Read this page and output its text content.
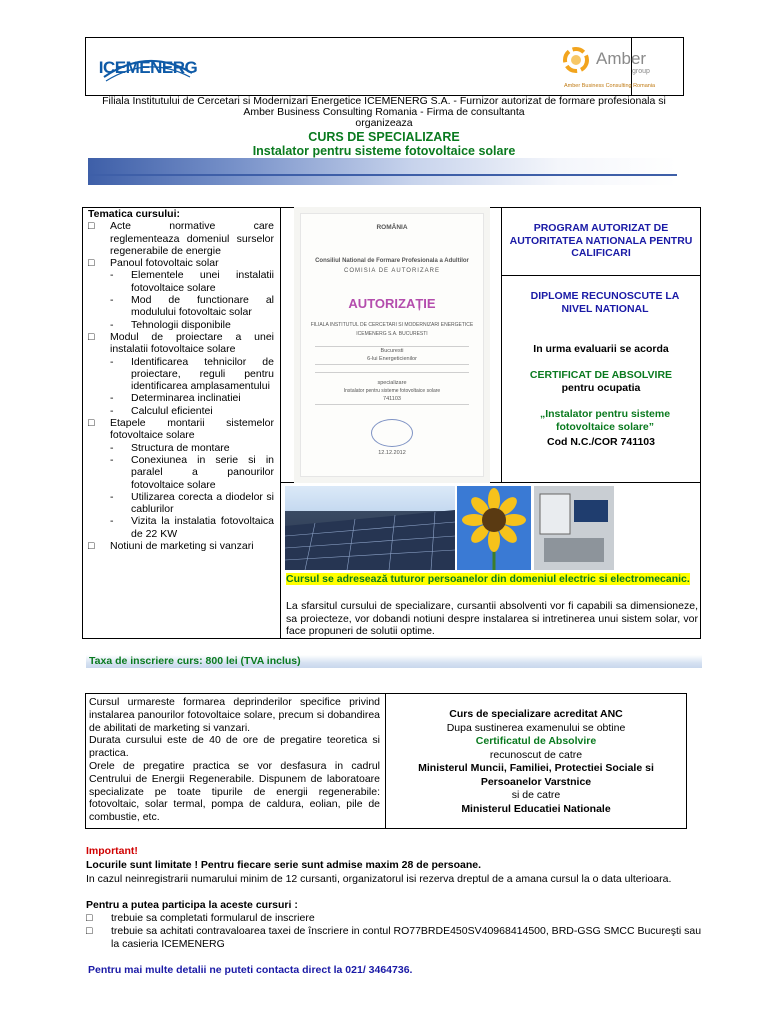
ICEMENERG	Amber
group
Amber Business Consulting Romania
Filiala Institutului de Cercetari si Modernizari Energetice ICEMENERG S.A. - Furnizor autorizat de formare profesionala si
Amber Business Consulting Romania - Firma de consultanta
organizeaza
CURS DE SPECIALIZARE
Instalator pentru sisteme fotovoltaice solare
Tematica cursului:
□ Acte normative care reglementeaza domeniul surselor regenerabile de energie
□ Panoul fotovoltaic solar
- Elementele unei instalatii fotovoltaice solare
- Mod de functionare al modulului fotovoltaic solar
- Tehnologii disponibile
□ Modul de proiectare a unei instalatii fotovoltaice solare
- Identificarea tehnicilor de proiectare, reguli pentru identificarea amplasamentului
- Determinarea inclinatiei
- Calculul eficientei
□ Etapele montarii sistemelor fotovoltaice solare
- Structura de montare
- Conexiunea in serie si in paralel a panourilor fotovoltaice solare
- Utilizarea corecta a diodelor si cablurilor
- Vizita la instalatia fotovoltaica de 22 KW
□ Notiuni de marketing si vanzari
ROMÂNIA
Consiliul National de Formare Profesionala a Adultilor
COMISIA DE AUTORIZARE
AUTORIZAȚIE
FILIALA INSTITUTUL DE CERCETARI SI MODERNIZARI ENERGETICE
ICEMENERG S.A. BUCURESTI
Bucuresti
6-lui Energeticienilor
specializare
Instalator pentru sisteme fotovoltaice solare
741103
12.12.2012
PROGRAM AUTORIZAT DE AUTORITATEA NATIONALA PENTRU CALIFICARI
DIPLOME RECUNOSCUTE LA NIVEL NATIONAL
In urma evaluarii se acorda
CERTIFICAT DE ABSOLVIRE
pentru ocupatia
„Instalator pentru sisteme fotovoltaice solare”
Cod N.C./COR 741103
Cursul se adresează tuturor persoanelor din domeniul electric si electromecanic.
La sfarsitul cursului de specializare, cursantii absolventi vor fi capabili sa dimensioneze, sa proiecteze, vor dobandi notiuni despre instalarea si intretinerea unui sistem solar, vor face propuneri de solutii optime.
Taxa de inscriere curs: 800 lei (TVA inclus)
Cursul urmareste formarea deprinderilor specifice privind instalarea panourilor fotovoltaice solare, precum si dobandirea de abilitati de marketing si vanzari.
Durata cursului este de 40 de ore de pregatire teoretica si practica.
Orele de pregatire practica se vor desfasura in cadrul Centrului de Energii Regenerabile. Dispunem de laboratoare specializate pe toate tipurile de energii regenerabile: fotovoltaic, solar termal, pompa de caldura, eolian, pile de combustie, etc.
Curs de specializare acreditat ANC
Dupa sustinerea examenului se obtine
Certificatul de Absolvire
recunoscut de catre
Ministerul Muncii, Familiei, Protectiei Sociale si Persoanelor Varstnice
si de catre
Ministerul Educatiei Nationale
Important!
Locurile sunt limitate ! Pentru fiecare serie sunt admise maxim 28 de persoane.
In cazul neinregistrarii numarului minim de 12 cursanti, organizatorul isi rezerva dreptul de a amana cursul la o data ulterioara.
Pentru a putea participa la aceste cursuri :
□ trebuie sa completati formularul de inscriere
□ trebuie sa achitati contravaloarea taxei de înscriere in contul RO77BRDE450SV40968414500, BRD-GSG SMCC Bucureşti sau la casieria ICEMENERG
Pentru mai multe detalii ne puteti contacta direct la 021/ 3464736.
